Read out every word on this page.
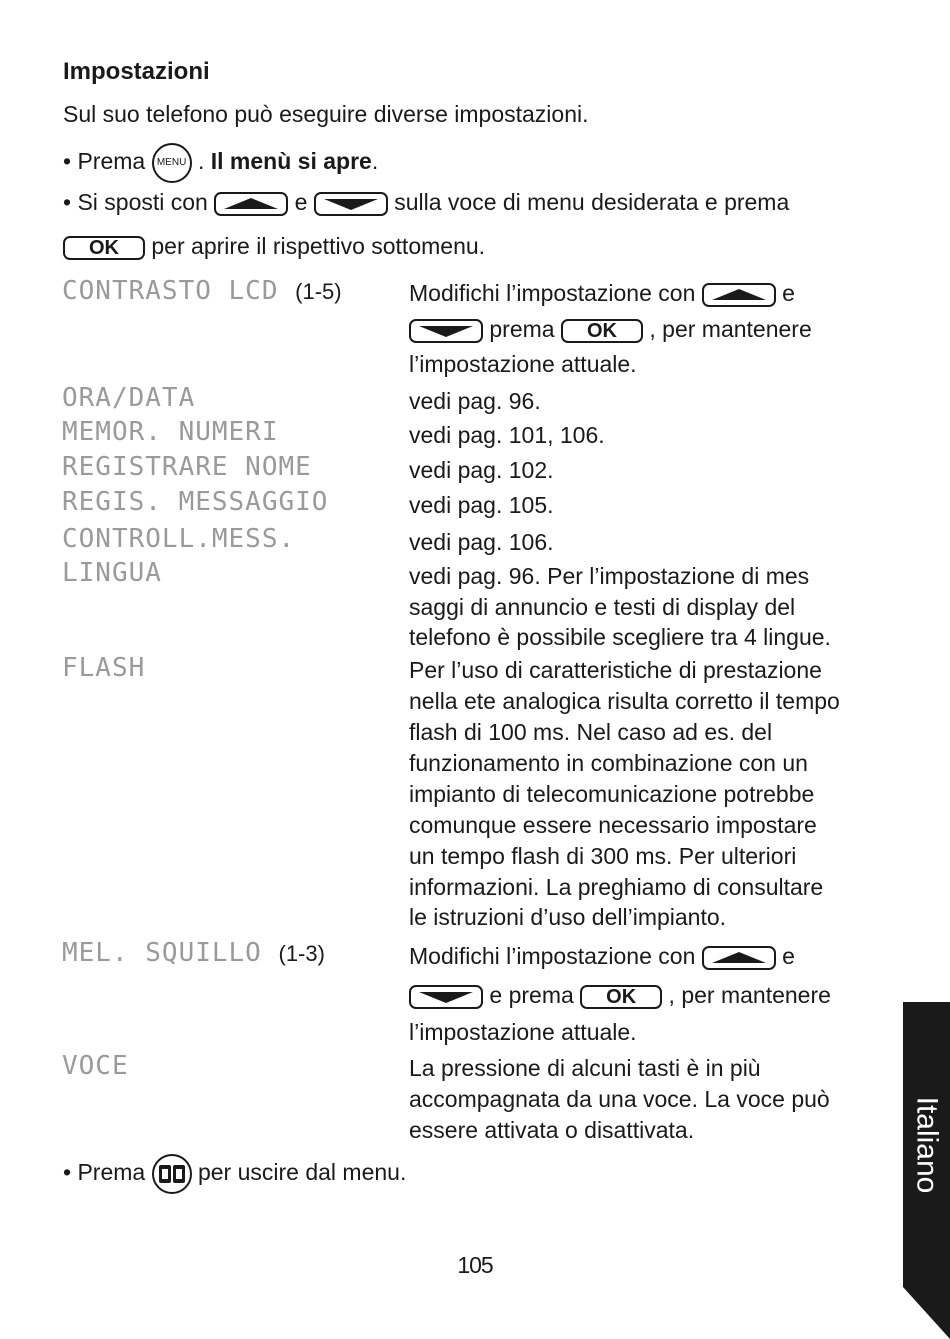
Impostazioni
Sul suo telefono può eseguire diverse impostazioni.
• Prema MENU . Il menù si apre.
• Si sposti con	e	sulla voce di menu desiderata e prema
OK per aprire il rispettivo sottomenu.
CONTRASTO LCD (1-5)	Modifichi l’impostazione con	e
prema OK , per mantenere
l’impostazione attuale.
ORA/DATA	vedi pag. 96.
MEMOR. NUMERI	vedi pag. 101, 106.
REGISTRARE NOME	vedi pag. 102.
REGIS. MESSAGGIO	vedi pag. 105.
CONTROLL.MESS.	vedi pag. 106.
LINGUA	vedi pag. 96. Per l’impostazione di mes
saggi di annuncio e testi di display del
telefono è possibile scegliere tra 4 lingue.
FLASH	Per l’uso di caratteristiche di prestazione
nella ete analogica risulta corretto il tempo
flash di 100 ms. Nel caso ad es. del
funzionamento in combinazione con un
impianto di telecomunicazione potrebbe
comunque essere necessario impostare
un tempo flash di 300 ms. Per ulteriori
informazioni. La preghiamo di consultare
le istruzioni d’uso dell’impianto.
MEL. SQUILLO (1-3)	Modifichi l’impostazione con	e
e prema OK , per mantenere
l’impostazione attuale.
VOCE	La pressione di alcuni tasti è in più
accompagnata da una voce. La voce può
essere attivata o disattivata.
• Prema per uscire dal menu.
105
Italiano
